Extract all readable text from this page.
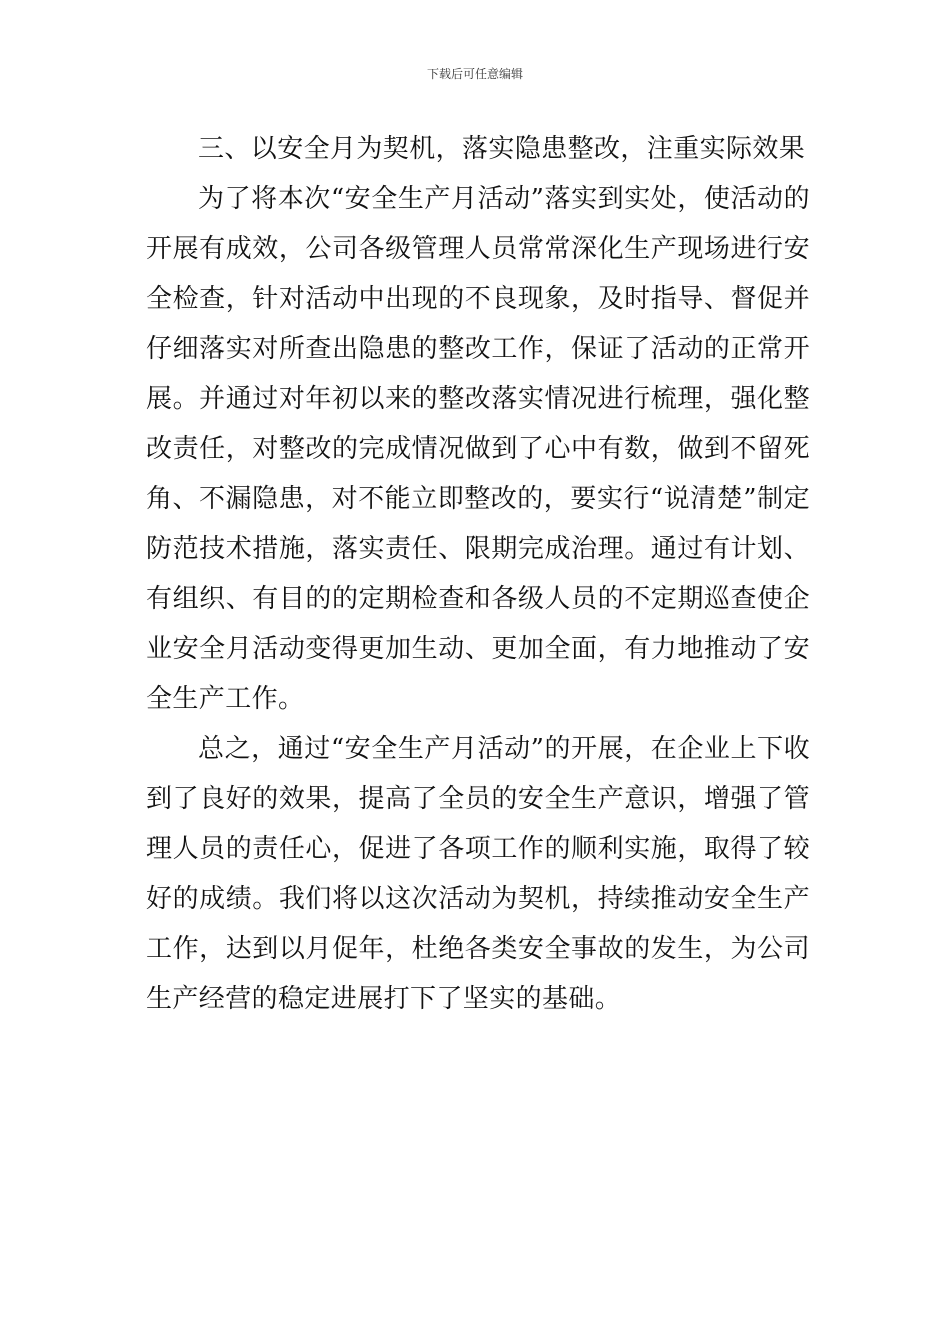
下载后可任意编辑

三、以安全月为契机，落实隐患整改，注重实际效果

为了将本次“安全生产月活动”落实到实处，使活动的开展有成效，公司各级管理人员常常深化生产现场进行安全检查，针对活动中出现的不良现象，及时指导、督促并仔细落实对所查出隐患的整改工作，保证了活动的正常开展。并通过对年初以来的整改落实情况进行梳理，强化整改责任，对整改的完成情况做到了心中有数，做到不留死角、不漏隐患，对不能立即整改的，要实行“说清楚”制定防范技术措施，落实责任、限期完成治理。通过有计划、有组织、有目的的定期检查和各级人员的不定期巡查使企业安全月活动变得更加生动、更加全面，有力地推动了安全生产工作。

总之，通过“安全生产月活动”的开展，在企业上下收到了良好的效果，提高了全员的安全生产意识，增强了管理人员的责任心，促进了各项工作的顺利实施，取得了较好的成绩。我们将以这次活动为契机，持续推动安全生产工作，达到以月促年，杜绝各类安全事故的发生，为公司生产经营的稳定进展打下了坚实的基础。
